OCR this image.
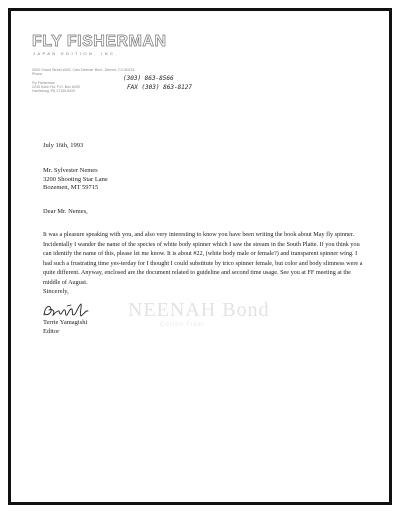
FLY FISHERMAN
JAPAN EDITION, INC.
3000 Grand Street #402, Cain Deemer Blvd., Denver, CO 80224
Phone
Fly Fisherman
2245 Kohn Rd. P.O. Box 8200
Harrisburg, PA 17105-8200
(303) 863-8566
FAX (303) 863-8127
July 16th, 1993
Mr. Sylvester Nemes
3200 Shooting Star Lane
Bozemen, MT 59715
Dear Mr. Nemes,
It was a pleasure speaking with you, and also very interesting to know you have been writing the book about May fly spinner. Incidentally I wander the name of the species of white body spinner which I saw the stream in the South Platte. If you think you can identify the name of this, please let me know. It is about #22, (white body male or female?) and transparent spinner wing. I had such a frustrating time yes-terday for I thought I could substitute by trico spinner female, but color and body slimness were a quite different. Anyway, enclosed are the document related to guideline and second time usage. See you at FF meeting at the middle of August.
Sincerely,
NEENAH Bond
Cotton Fiber
Terrie Yamagishi
Editor
